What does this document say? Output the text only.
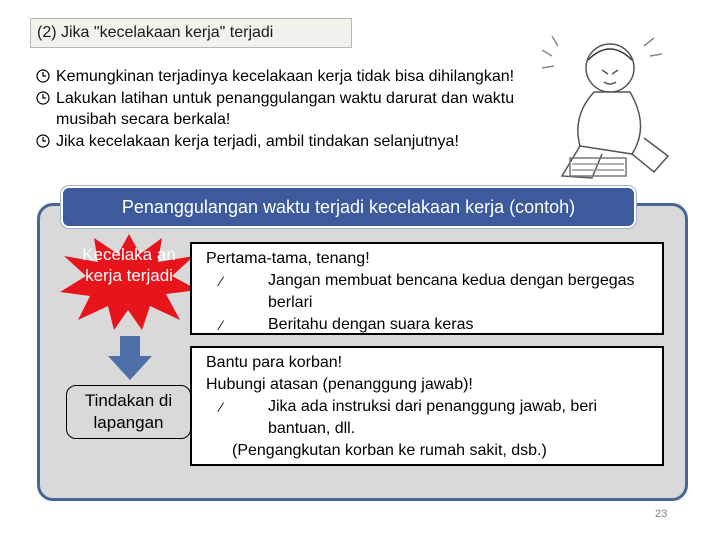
(2) Jika "kecelakaan kerja" terjadi
Kemungkinan terjadinya kecelakaan kerja tidak bisa dihilangkan!
Lakukan latihan untuk penanggulangan waktu darurat dan waktu musibah secara berkala!
Jika kecelakaan kerja terjadi, ambil tindakan selanjutnya!
Penanggulangan waktu terjadi kecelakaan kerja (contoh)
Kecelaka an kerja terjadi
Tindakan di lapangan
Pertama-tama, tenang!
⁄	Jangan membuat bencana kedua dengan bergegas berlari
⁄	Beritahu dengan suara keras
Bantu para korban!
Hubungi atasan (penanggung jawab)!
⁄	Jika ada instruksi dari penanggung jawab, beri bantuan, dll.
(Pengangkutan korban ke rumah sakit, dsb.)
23
